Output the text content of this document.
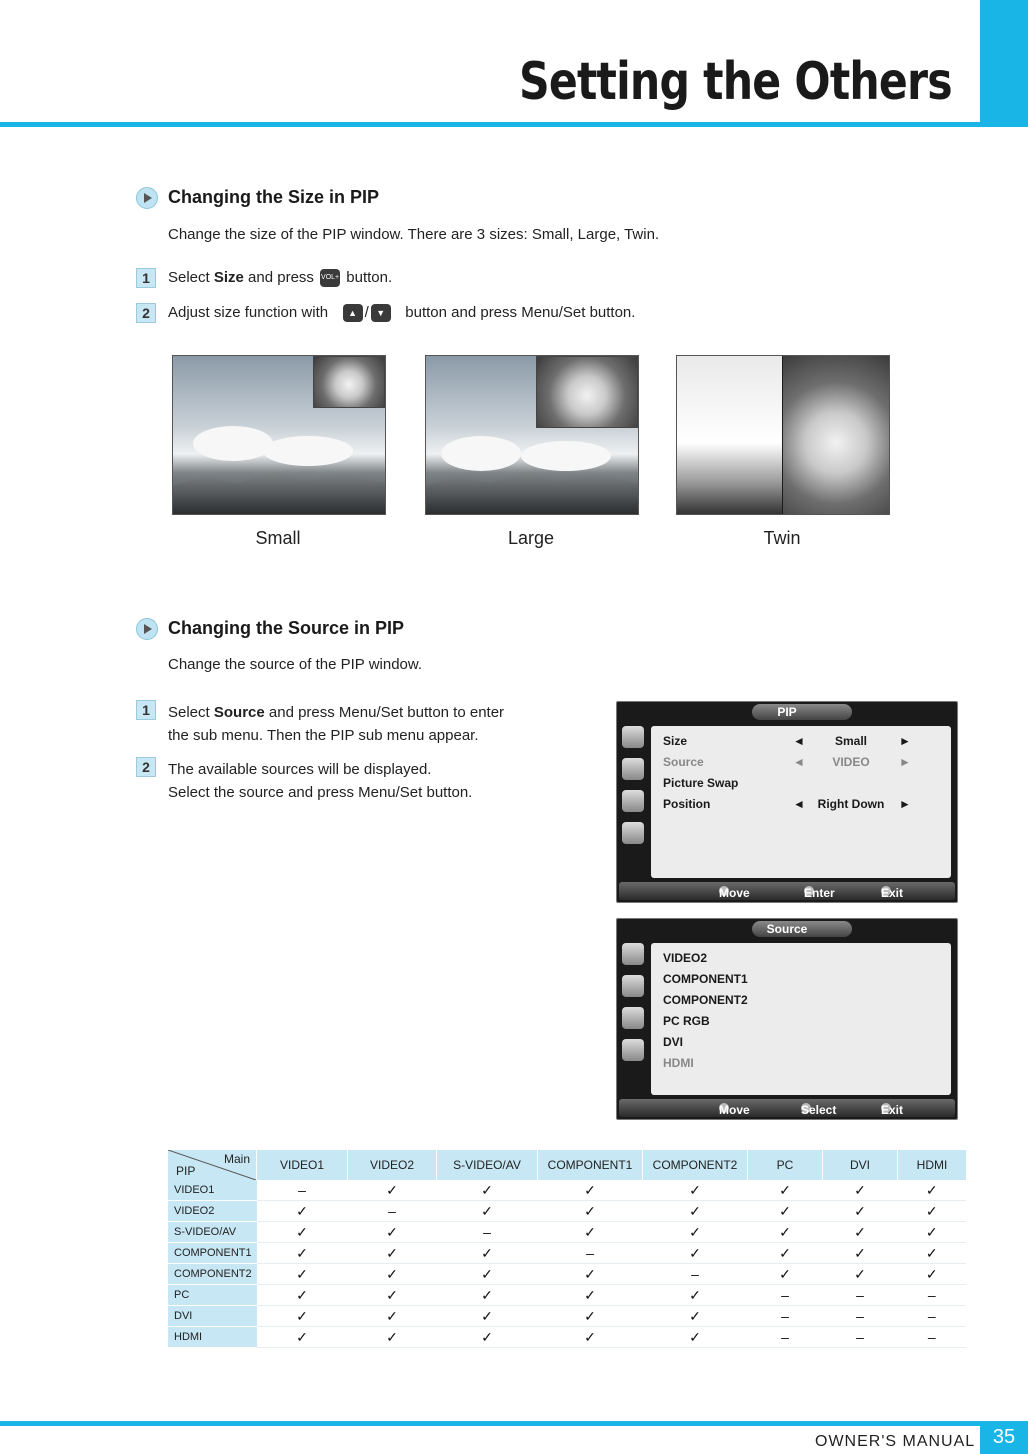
Setting the Others
Changing the Size in PIP
Change the size of the PIP window. There are 3 sizes: Small, Large, Twin.
1	Select Size and press VOL+ button.
2	Adjust size function with ▲ / ▼ button and press Menu/Set button.
Small	Large	Twin
Changing the Source in PIP
Change the source of the PIP window.
1	Select Source and press Menu/Set button to enter
the sub menu. Then the PIP sub menu appear.
2	The available sources will be displayed.
Select the source and press Menu/Set button.
PIP
Size	◄	Small	►
Source	◄	VIDEO	►
Picture Swap
Position	◄	Right Down	►
Move	Enter	Exit
Source
VIDEO2
COMPONENT1
COMPONENT2
PC RGB
DVI
HDMI
Move	Select	Exit
Main
PIP	VIDEO1	VIDEO2	S-VIDEO/AV	COMPONENT1	COMPONENT2	PC	DVI	HDMI
VIDEO1	–	✓	✓	✓	✓	✓	✓	✓
VIDEO2	✓	–	✓	✓	✓	✓	✓	✓
S-VIDEO/AV	✓	✓	–	✓	✓	✓	✓	✓
COMPONENT1	✓	✓	✓	–	✓	✓	✓	✓
COMPONENT2	✓	✓	✓	✓	–	✓	✓	✓
PC	✓	✓	✓	✓	✓	–	–	–
DVI	✓	✓	✓	✓	✓	–	–	–
HDMI	✓	✓	✓	✓	✓	–	–	–
OWNER'S MANUAL 35
